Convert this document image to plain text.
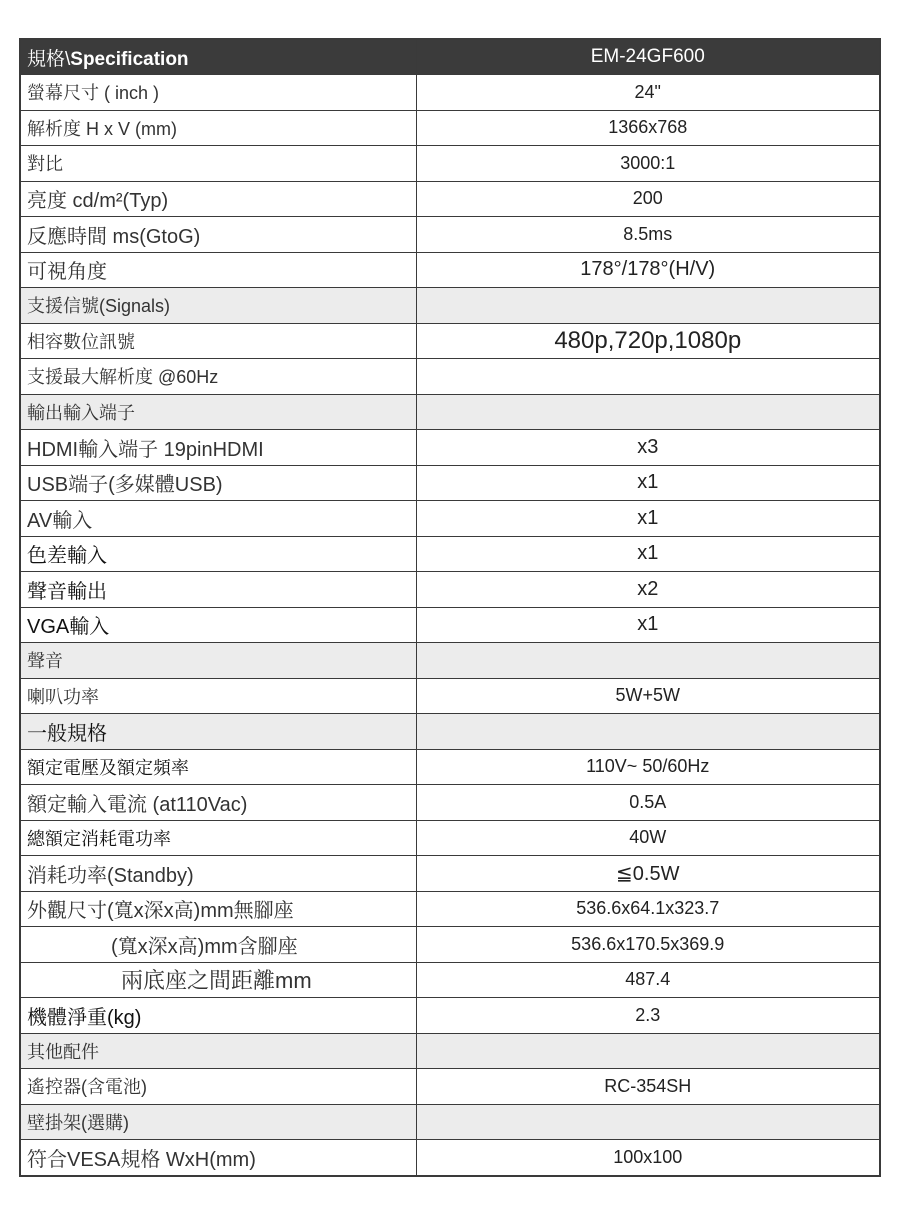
規格\Specification	EM-24GF600
螢幕尺寸 ( inch )	24"
解析度 H x V (mm)	1366x768
對比	3000:1
亮度 cd/m²(Typ)	200
反應時間 ms(GtoG)	8.5ms
可視角度	178°/178°(H/V)
支援信號(Signals)	
相容數位訊號	480p,720p,1080p
支援最大解析度 @60Hz	
輸出輸入端子	
HDMI輸入端子 19pinHDMI	x3
USB端子(多媒體USB)	x1
AV輸入	x1
色差輸入	x1
聲音輸出	x2
VGA輸入	x1
聲音	
喇叭功率	5W+5W
一般規格	
額定電壓及額定頻率	110V~ 50/60Hz
額定輸入電流 (at110Vac)	0.5A
總額定消耗電功率	40W
消耗功率(Standby)	≦0.5W
外觀尺寸(寬x深x高)mm無腳座	536.6x64.1x323.7
(寬x深x高)mm含腳座	536.6x170.5x369.9
兩底座之間距離mm	487.4
機體淨重(kg)	2.3
其他配件	
遙控器(含電池)	RC-354SH
壁掛架(選購)	
符合VESA規格 WxH(mm)	100x100
